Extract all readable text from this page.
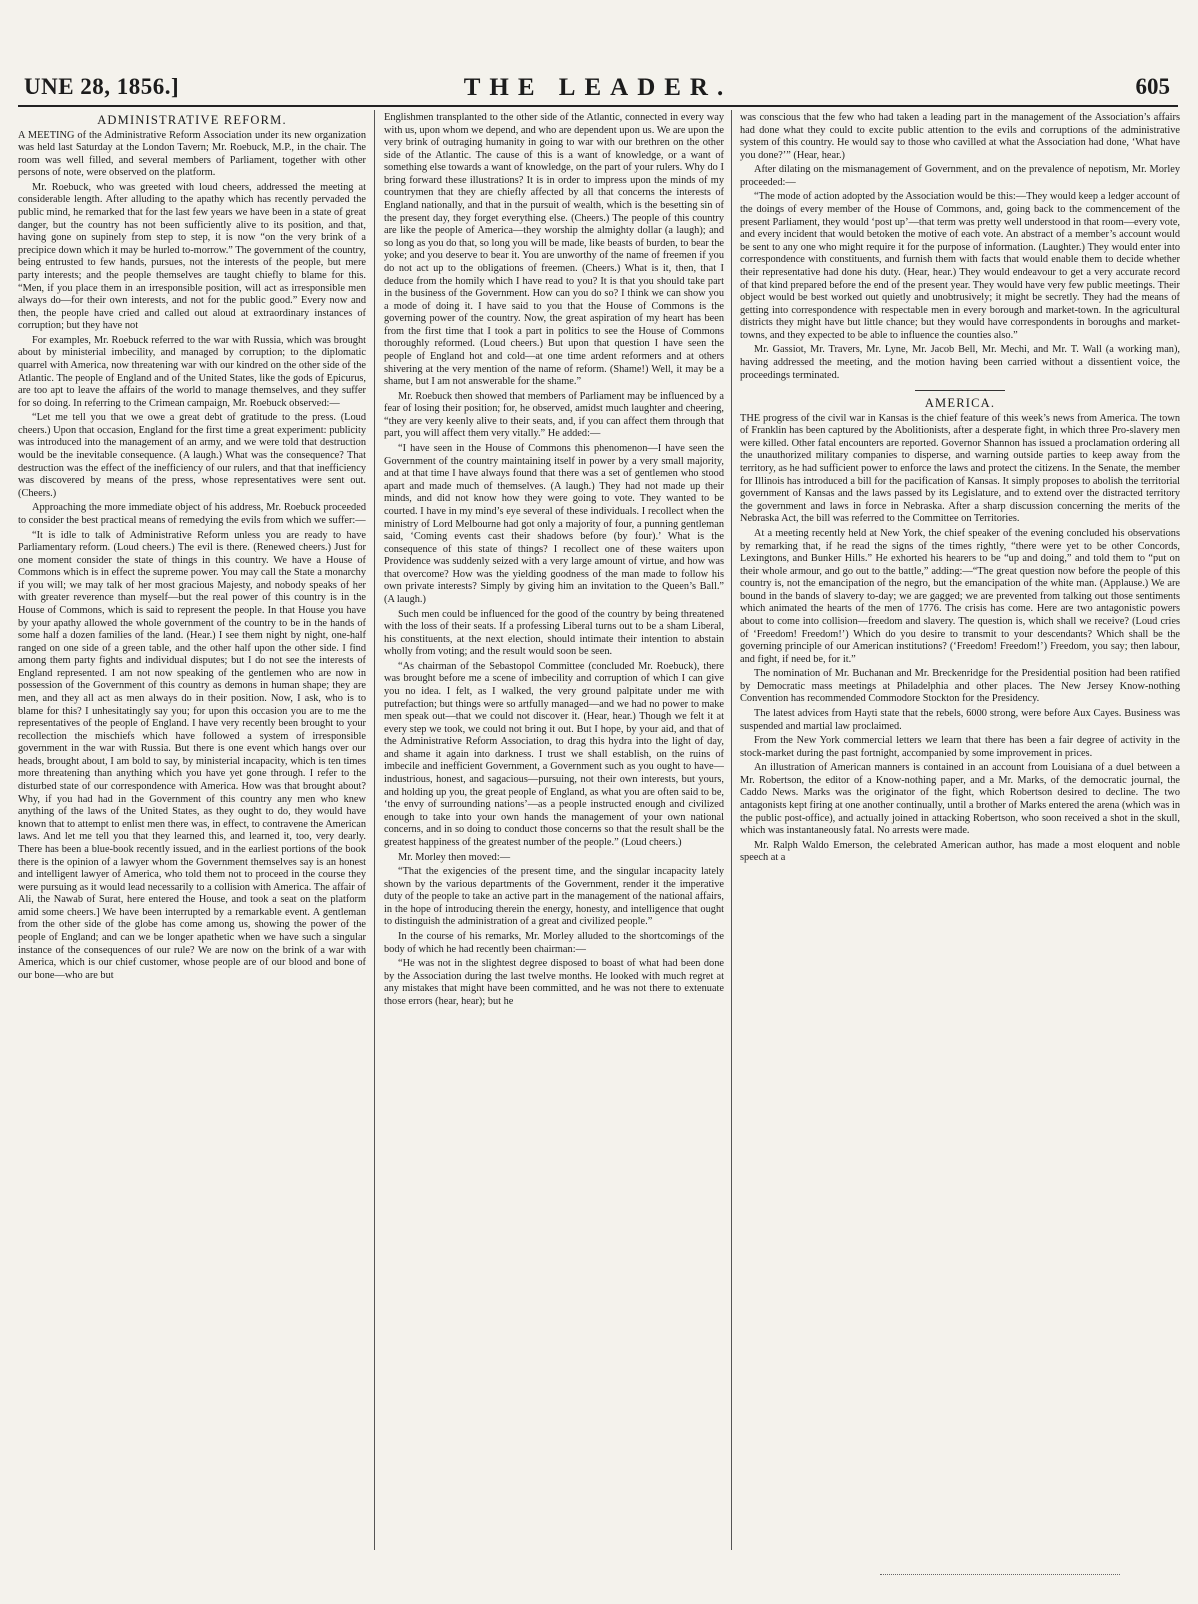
UNE 28, 1856.]	THE LEADER.	605
ADMINISTRATIVE REFORM.

A MEETING of the Administrative Reform Association under its new organization was held last Saturday at the London Tavern; Mr. Roebuck, M.P., in the chair. The room was well filled, and several members of Parliament, together with other persons of note, were observed on the platform.

Mr. Roebuck, who was greeted with loud cheers, addressed the meeting at considerable length. After alluding to the apathy which has recently pervaded the public mind, he remarked that for the last few years we have been in a state of great danger, but the country has not been sufficiently alive to its position, and that, having gone on supinely from step to step, it is now “on the very brink of a precipice down which it may be hurled to-morrow.” The government of the country, being entrusted to few hands, pursues, not the interests of the people, but mere party interests; and the people themselves are taught chiefly to blame for this. “Men, if you place them in an irresponsible position, will act as irresponsible men always do—for their own interests, and not for the public good.” Every now and then, the people have cried and called out aloud at extraordinary instances of corruption; but they have not

For examples, Mr. Roebuck referred to the war with Russia, which was brought about by ministerial imbecility, and managed by corruption; to the diplomatic quarrel with America, now threatening war with our kindred on the other side of the Atlantic. The people of England and of the United States, like the gods of Epicurus, are too apt to leave the affairs of the world to manage themselves, and they suffer for so doing. In referring to the Crimean campaign, Mr. Roebuck observed:—

“Let me tell you that we owe a great debt of gratitude to the press. (Loud cheers.) Upon that occasion, England for the first time a great experiment: publicity was introduced into the management of an army, and we were told that destruction would be the inevitable consequence. (A laugh.) What was the consequence? That destruction was the effect of the inefficiency of our rulers, and that that inefficiency was discovered by means of the press, whose representatives were sent out. (Cheers.)

Approaching the more immediate object of his address, Mr. Roebuck proceeded to consider the best practical means of remedying the evils from which we suffer:—

“It is idle to talk of Administrative Reform unless you are ready to have Parliamentary reform. (Loud cheers.) The evil is there. (Renewed cheers.) Just for one moment consider the state of things in this country. We have a House of Commons which is in effect the supreme power. You may call the State a monarchy if you will; we may talk of her most gracious Majesty, and nobody speaks of her with greater reverence than myself—but the real power of this country is in the House of Commons, which is said to represent the people. In that House you have by your apathy allowed the whole government of the country to be in the hands of some half a dozen families of the land. (Hear.) I see them night by night, one-half ranged on one side of a green table, and the other half upon the other side. I find among them party fights and individual disputes; but I do not see the interests of England represented. I am not now speaking of the gentlemen who are now in possession of the Government of this country as demons in human shape; they are men, and they all act as men always do in their position. Now, I ask, who is to blame for this? I unhesitatingly say you; for upon this occasion you are to me the representatives of the people of England. I have very recently been brought to your recollection the mischiefs which have followed a system of irresponsible government in the war with Russia. But there is one event which hangs over our heads, brought about, I am bold to say, by ministerial incapacity, which is ten times more threatening than anything which you have yet gone through. I refer to the disturbed state of our correspondence with America. How was that brought about? Why, if you had had in the Government of this country any men who knew anything of the laws of the United States, as they ought to do, they would have known that to attempt to enlist men there was, in effect, to contravene the American laws. And let me tell you that they learned this, and learned it, too, very dearly. There has been a blue-book recently issued, and in the earliest portions of the book there is the opinion of a lawyer whom the Government themselves say is an honest and intelligent lawyer of America, who told them not to proceed in the course they were pursuing as it would lead necessarily to a collision with America. The affair of Ali, the Nawab of Surat, here entered the House, and took a seat on the platform amid some cheers.] We have been interrupted by a remarkable event. A gentleman from the other side of the globe has come among us, showing the power of the people of England; and can we be longer apathetic when we have such a singular instance of the consequences of our rule? We are now on the brink of a war with America, which is our chief customer, whose people are of our blood and bone of our bone—who are but

Englishmen transplanted to the other side of the Atlantic, connected in every way with us, upon whom we depend, and who are dependent upon us. We are upon the very brink of outraging humanity in going to war with our brethren on the other side of the Atlantic. The cause of this is a want of knowledge, or a want of something else towards a want of knowledge, on the part of your rulers. Why do I bring forward these illustrations? It is in order to impress upon the minds of my countrymen that they are chiefly affected by all that concerns the interests of England nationally, and that in the pursuit of wealth, which is the besetting sin of the present day, they forget everything else. (Cheers.) The people of this country are like the people of America—they worship the almighty dollar (a laugh); and so long as you do that, so long you will be made, like beasts of burden, to bear the yoke; and you deserve to bear it. You are unworthy of the name of freemen if you do not act up to the obligations of freemen. (Cheers.) What is it, then, that I deduce from the homily which I have read to you? It is that you should take part in the business of the Government. How can you do so? I think we can show you a mode of doing it. I have said to you that the House of Commons is the governing power of the country. Now, the great aspiration of my heart has been from the first time that I took a part in politics to see the House of Commons thoroughly reformed. (Loud cheers.) But upon that question I have seen the people of England hot and cold—at one time ardent reformers and at others shivering at the very mention of the name of reform. (Shame!) Well, it may be a shame, but I am not answerable for the shame.”

Mr. Roebuck then showed that members of Parliament may be influenced by a fear of losing their position; for, he observed, amidst much laughter and cheering, “they are very keenly alive to their seats, and, if you can affect them through that part, you will affect them very vitally.” He added:—

“I have seen in the House of Commons this phenomenon—I have seen the Government of the country maintaining itself in power by a very small majority, and at that time I have always found that there was a set of gentlemen who stood apart and made much of themselves. (A laugh.) They had not made up their minds, and did not know how they were going to vote. They wanted to be courted. I have in my mind’s eye several of these individuals. I recollect when the ministry of Lord Melbourne had got only a majority of four, a punning gentleman said, ‘Coming events cast their shadows before (by four).’ What is the consequence of this state of things? I recollect one of these waiters upon Providence was suddenly seized with a very large amount of virtue, and how was that overcome? How was the yielding goodness of the man made to follow his own private interests? Simply by giving him an invitation to the Queen’s Ball.” (A laugh.)

Such men could be influenced for the good of the country by being threatened with the loss of their seats. If a professing Liberal turns out to be a sham Liberal, his constituents, at the next election, should intimate their intention to abstain wholly from voting; and the result would soon be seen.

“As chairman of the Sebastopol Committee (concluded Mr. Roebuck), there was brought before me a scene of imbecility and corruption of which I can give you no idea. I felt, as I walked, the very ground palpitate under me with putrefaction; but things were so artfully managed—and we had no power to make men speak out—that we could not discover it. (Hear, hear.) Though we felt it at every step we took, we could not bring it out. But I hope, by your aid, and that of the Administrative Reform Association, to drag this hydra into the light of day, and shame it again into darkness. I trust we shall establish, on the ruins of imbecile and inefficient Government, a Government such as you ought to have—industrious, honest, and sagacious—pursuing, not their own interests, but yours, and holding up you, the great people of England, as what you are often said to be, ‘the envy of surrounding nations’—as a people instructed enough and civilized enough to take into your own hands the management of your own national concerns, and in so doing to conduct those concerns so that the result shall be the greatest happiness of the greatest number of the people.” (Loud cheers.)

Mr. Morley then moved:—

“That the exigencies of the present time, and the singular incapacity lately shown by the various departments of the Government, render it the imperative duty of the people to take an active part in the management of the national affairs, in the hope of introducing therein the energy, honesty, and intelligence that ought to distinguish the administration of a great and civilized people.”

In the course of his remarks, Mr. Morley alluded to the shortcomings of the body of which he had recently been chairman:—

“He was not in the slightest degree disposed to boast of what had been done by the Association during the last twelve months. He looked with much regret at any mistakes that might have been committed, and he was not there to extenuate those errors (hear, hear); but he

was conscious that the few who had taken a leading part in the management of the Association’s affairs had done what they could to excite public attention to the evils and corruptions of the administrative system of this country. He would say to those who cavilled at what the Association had done, ‘What have you done?’” (Hear, hear.)

After dilating on the mismanagement of Government, and on the prevalence of nepotism, Mr. Morley proceeded:—

“The mode of action adopted by the Association would be this:—They would keep a ledger account of the doings of every member of the House of Commons, and, going back to the commencement of the present Parliament, they would ‘post up’—that term was pretty well understood in that room—every vote, and every incident that would betoken the motive of each vote. An abstract of a member’s account would be sent to any one who might require it for the purpose of information. (Laughter.) They would enter into correspondence with constituents, and furnish them with facts that would enable them to decide whether their representative had done his duty. (Hear, hear.) They would endeavour to get a very accurate record of that kind prepared before the end of the present year. They would have very few public meetings. Their object would be best worked out quietly and unobtrusively; it might be secretly. They had the means of getting into correspondence with respectable men in every borough and market-town. In the agricultural districts they might have but little chance; but they would have correspondents in boroughs and market-towns, and they expected to be able to influence the counties also.”

Mr. Gassiot, Mr. Travers, Mr. Lyne, Mr. Jacob Bell, Mr. Mechi, and Mr. T. Wall (a working man), having addressed the meeting, and the motion having been carried without a dissentient voice, the proceedings terminated.

AMERICA.

THE progress of the civil war in Kansas is the chief feature of this week’s news from America. The town of Franklin has been captured by the Abolitionists, after a desperate fight, in which three Pro-slavery men were killed. Other fatal encounters are reported. Governor Shannon has issued a proclamation ordering all the unauthorized military companies to disperse, and warning outside parties to keep away from the territory, as he had sufficient power to enforce the laws and protect the citizens. In the Senate, the member for Illinois has introduced a bill for the pacification of Kansas. It simply proposes to abolish the territorial government of Kansas and the laws passed by its Legislature, and to extend over the distracted territory the government and laws in force in Nebraska. After a sharp discussion concerning the merits of the Nebraska Act, the bill was referred to the Committee on Territories.

At a meeting recently held at New York, the chief speaker of the evening concluded his observations by remarking that, if he read the signs of the times rightly, “there were yet to be other Concords, Lexingtons, and Bunker Hills.” He exhorted his hearers to be “up and doing,” and told them to “put on their whole armour, and go out to the battle,” adding:—“The great question now before the people of this country is, not the emancipation of the negro, but the emancipation of the white man. (Applause.) We are bound in the bands of slavery to-day; we are gagged; we are prevented from talking out those sentiments which animated the hearts of the men of 1776. The crisis has come. Here are two antagonistic powers about to come into collision—freedom and slavery. The question is, which shall we receive? (Loud cries of ‘Freedom! Freedom!’) Which do you desire to transmit to your descendants? Which shall be the governing principle of our American institutions? (‘Freedom! Freedom!’) Freedom, you say; then labour, and fight, if need be, for it.”

The nomination of Mr. Buchanan and Mr. Breckenridge for the Presidential position had been ratified by Democratic mass meetings at Philadelphia and other places. The New Jersey Know-nothing Convention has recommended Commodore Stockton for the Presidency.

The latest advices from Hayti state that the rebels, 6000 strong, were before Aux Cayes. Business was suspended and martial law proclaimed.

From the New York commercial letters we learn that there has been a fair degree of activity in the stock-market during the past fortnight, accompanied by some improvement in prices.

An illustration of American manners is contained in an account from Louisiana of a duel between a Mr. Robertson, the editor of a Know-nothing paper, and a Mr. Marks, of the democratic journal, the Caddo News. Marks was the originator of the fight, which Robertson desired to decline. The two antagonists kept firing at one another continually, until a brother of Marks entered the arena (which was in the public post-office), and actually joined in attacking Robertson, who soon received a shot in the skull, which was instantaneously fatal. No arrests were made.

Mr. Ralph Waldo Emerson, the celebrated American author, has made a most eloquent and noble speech at a
